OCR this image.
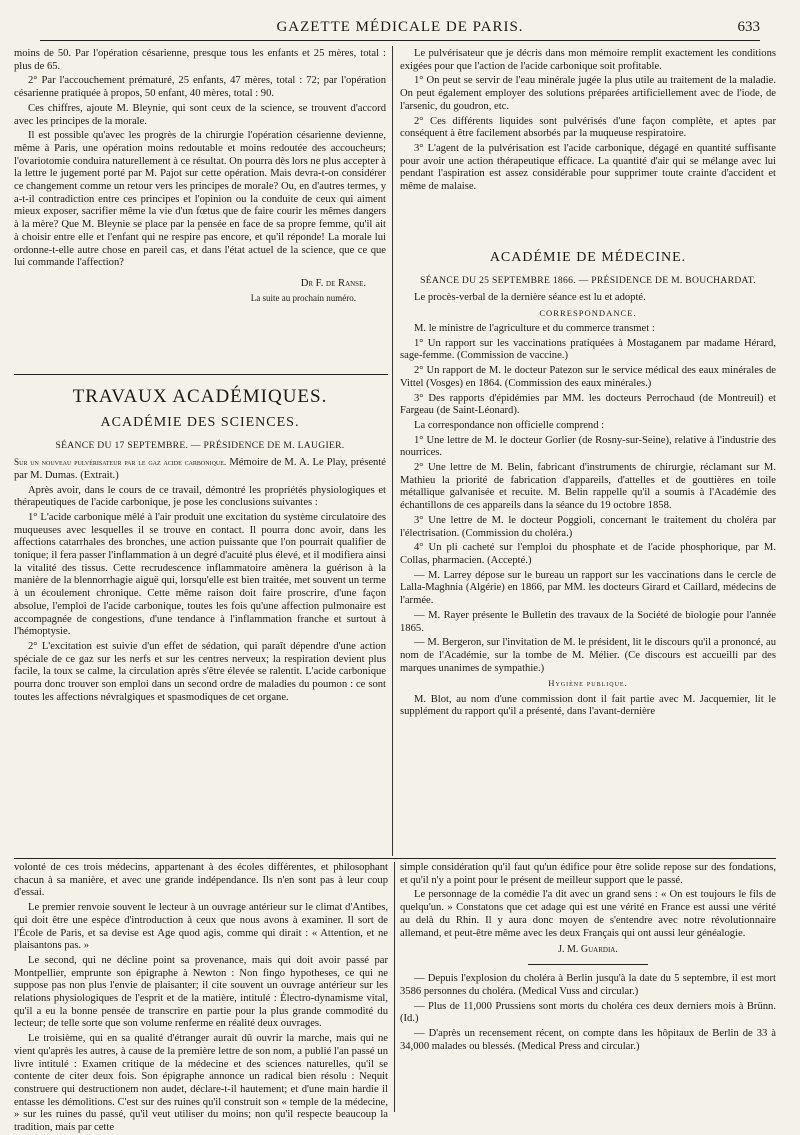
GAZETTE MÉDICALE DE PARIS.	633

moins de 50. Par l'opération césarienne, presque tous les enfants et 25 mères, total : plus de 65.

2° Par l'accouchement prématuré, 25 enfants, 47 mères, total : 72; par l'opération césarienne pratiquée à propos, 50 enfant, 40 mères, total : 90.

Ces chiffres, ajoute M. Bleynie, qui sont ceux de la science, se trouvent d'accord avec les principes de la morale.

Il est possible qu'avec les progrès de la chirurgie l'opération césarienne devienne, même à Paris, une opération moins redoutable et moins redoutée des accoucheurs; l'ovariotomie conduira naturellement à ce résultat. On pourra dès lors ne plus accepter à la lettre le jugement porté par M. Pajot sur cette opération. Mais devra-t-on considérer ce changement comme un retour vers les principes de morale? Ou, en d'autres termes, y a-t-il contradiction entre ces principes et l'opinion ou la conduite de ceux qui aiment mieux exposer, sacrifier même la vie d'un fœtus que de faire courir les mêmes dangers à la mère? Que M. Bleynie se place par la pensée en face de sa propre femme, qu'il ait à choisir entre elle et l'enfant qui ne respire pas encore, et qu'il réponde! La morale lui ordonne-t-elle autre chose en pareil cas, et dans l'état actuel de la science, que ce que lui commande l'affection?

Dr F. de Ranse.
La suite au prochain numéro.
TRAVAUX ACADÉMIQUES.
ACADÉMIE DES SCIENCES.
SÉANCE DU 17 SEPTEMBRE. — PRÉSIDENCE DE M. LAUGIER.

Sur un nouveau pulvérisateur par le gaz acide carbonique. Mémoire de M. A. Le Play, présenté par M. Dumas. (Extrait.)

Après avoir, dans le cours de ce travail, démontré les propriétés physiologiques et thérapeutiques de l'acide carbonique, je pose les conclusions suivantes :

1° L'acide carbonique mêlé à l'air produit une excitation du système circulatoire des muqueuses avec lesquelles il se trouve en contact. Il pourra donc avoir, dans les affections catarrhales des bronches, une action puissante que l'on pourrait qualifier de tonique; il fera passer l'inflammation à un degré d'acuité plus élevé, et il modifiera ainsi la vitalité des tissus. Cette recrudescence inflammatoire amènera la guérison à la manière de la blennorrhagie aiguë qui, lorsqu'elle est bien traitée, met souvent un terme à un écoulement chronique. Cette même raison doit faire proscrire, d'une façon absolue, l'emploi de l'acide carbonique, toutes les fois qu'une affection pulmonaire est accompagnée de congestions, d'une tendance à l'inflammation franche et surtout à l'hémoptysie.

2° L'excitation est suivie d'un effet de sédation, qui paraît dépendre d'une action spéciale de ce gaz sur les nerfs et sur les centres nerveux; la respiration devient plus facile, la toux se calme, la circulation après s'être élevée se ralentit. L'acide carbonique pourra donc trouver son emploi dans un second ordre de maladies du poumon : ce sont toutes les affections névralgiques et spasmodiques de cet organe.

Le pulvérisateur que je décris dans mon mémoire remplit exactement les conditions exigées pour que l'action de l'acide carbonique soit profitable.

1° On peut se servir de l'eau minérale jugée la plus utile au traitement de la maladie. On peut également employer des solutions préparées artificiellement avec de l'iode, de l'arsenic, du goudron, etc.

2° Ces différents liquides sont pulvérisés d'une façon complète, et aptes par conséquent à être facilement absorbés par la muqueuse respiratoire.

3° L'agent de la pulvérisation est l'acide carbonique, dégagé en quantité suffisante pour avoir une action thérapeutique efficace. La quantité d'air qui se mélange avec lui pendant l'aspiration est assez considérable pour supprimer toute crainte d'accident et même de malaise.

ACADÉMIE DE MÉDECINE.
SÉANCE DU 25 SEPTEMBRE 1866. — PRÉSIDENCE DE M. BOUCHARDAT.

Le procès-verbal de la dernière séance est lu et adopté.

CORRESPONDANCE.

M. le ministre de l'agriculture et du commerce transmet :

1° Un rapport sur les vaccinations pratiquées à Mostaganem par madame Hérard, sage-femme. (Commission de vaccine.)

2° Un rapport de M. le docteur Patezon sur le service médical des eaux minérales de Vittel (Vosges) en 1864. (Commission des eaux minérales.)

3° Des rapports d'épidémies par MM. les docteurs Perrochaud (de Montreuil) et Fargeau (de Saint-Léonard).

La correspondance non officielle comprend :

1° Une lettre de M. le docteur Gorlier (de Rosny-sur-Seine), relative à l'industrie des nourrices.

2° Une lettre de M. Belin, fabricant d'instruments de chirurgie, réclamant sur M. Mathieu la priorité de fabrication d'appareils, d'attelles et de gouttières en toile métallique galvanisée et recuite. M. Belin rappelle qu'il a soumis à l'Académie des échantillons de ces appareils dans la séance du 19 octobre 1858.

3° Une lettre de M. le docteur Poggioli, concernant le traitement du choléra par l'électrisation. (Commission du choléra.)

4° Un pli cacheté sur l'emploi du phosphate et de l'acide phosphorique, par M. Collas, pharmacien. (Accepté.)

— M. Larrey dépose sur le bureau un rapport sur les vaccinations dans le cercle de Lalla-Maghnia (Algérie) en 1866, par MM. les docteurs Girard et Caillard, médecins de l'armée.

— M. Rayer présente le Bulletin des travaux de la Société de biologie pour l'année 1865.

— M. Bergeron, sur l'invitation de M. le président, lit le discours qu'il a prononcé, au nom de l'Académie, sur la tombe de M. Mélier. (Ce discours est accueilli par des marques unanimes de sympathie.)

Hygiène publique.

M. Blot, au nom d'une commission dont il fait partie avec M. Jacquemier, lit le supplément du rapport qu'il a présenté, dans l'avant-dernière

volonté de ces trois médecins, appartenant à des écoles différentes, et philosophant chacun à sa manière, et avec une grande indépendance. Ils n'en sont pas à leur coup d'essai.

Le premier renvoie souvent le lecteur à un ouvrage antérieur sur le climat d'Antibes, qui doit être une espèce d'introduction à ceux que nous avons à examiner. Il sort de l'École de Paris, et sa devise est Age quod agis, comme qui dirait : « Attention, et ne plaisantons pas. »

Le second, qui ne déclinе point sa provenance, mais qui doit avoir passé par Montpellier, emprunte son épigraphe à Newton : Non fingo hypotheses, ce qui ne suppose pas non plus l'envie de plaisanter; il cite souvent un ouvrage antérieur sur les relations physiologiques de l'esprit et de la matière, intitulé : Électro-dynamisme vital, qu'il a eu la bonne pensée de transcrire en partie pour la plus grande commodité du lecteur; de telle sorte que son volume renferme en réalité deux ouvrages.

Le troisième, qui en sa qualité d'étranger aurait dû ouvrir la marche, mais qui ne vient qu'après les autres, à cause de la première lettre de son nom, a publié l'an passé un livre intitulé : Examen critique de la médecine et des sciences naturelles, qu'il se contente de citer deux fois. Son épigraphe annonce un radical bien résolu : Nequit construere qui destructionem non audet, déclare-t-il hautement; et d'une main hardie il entasse les démolitions. C'est sur des ruines qu'il construit son « temple de la médecine, » sur les ruines du passé, qu'il veut utiliser du moins; non qu'il respecte beaucoup la tradition, mais par cette

simple considération qu'il faut qu'un édifice pour être solide repose sur des fondations, et qu'il n'y a point pour le présent de meilleur support que le passé.

Le personnage de la comédie l'a dit avec un grand sens : « On est toujours le fils de quelqu'un. » Constatons que cet adage qui est une vérité en France est aussi une vérité au delà du Rhin. Il y aura donc moyen de s'entendre avec notre révolutionnaire allemand, et peut-être même avec les deux Français qui ont aussi leur généalogie.

J. M. Guardia.

— Depuis l'explosion du choléra à Berlin jusqu'à la date du 5 septembre, il est mort 3586 personnes du choléra. (Medical Vuss and circular.)

— Plus de 11,000 Prussiens sont morts du choléra ces deux derniers mois à Brünn. (Id.)

— D'après un recensement récent, on compte dans les hôpitaux de Berlin de 33 à 34,000 malades ou blessés. (Medical Press and circular.)
